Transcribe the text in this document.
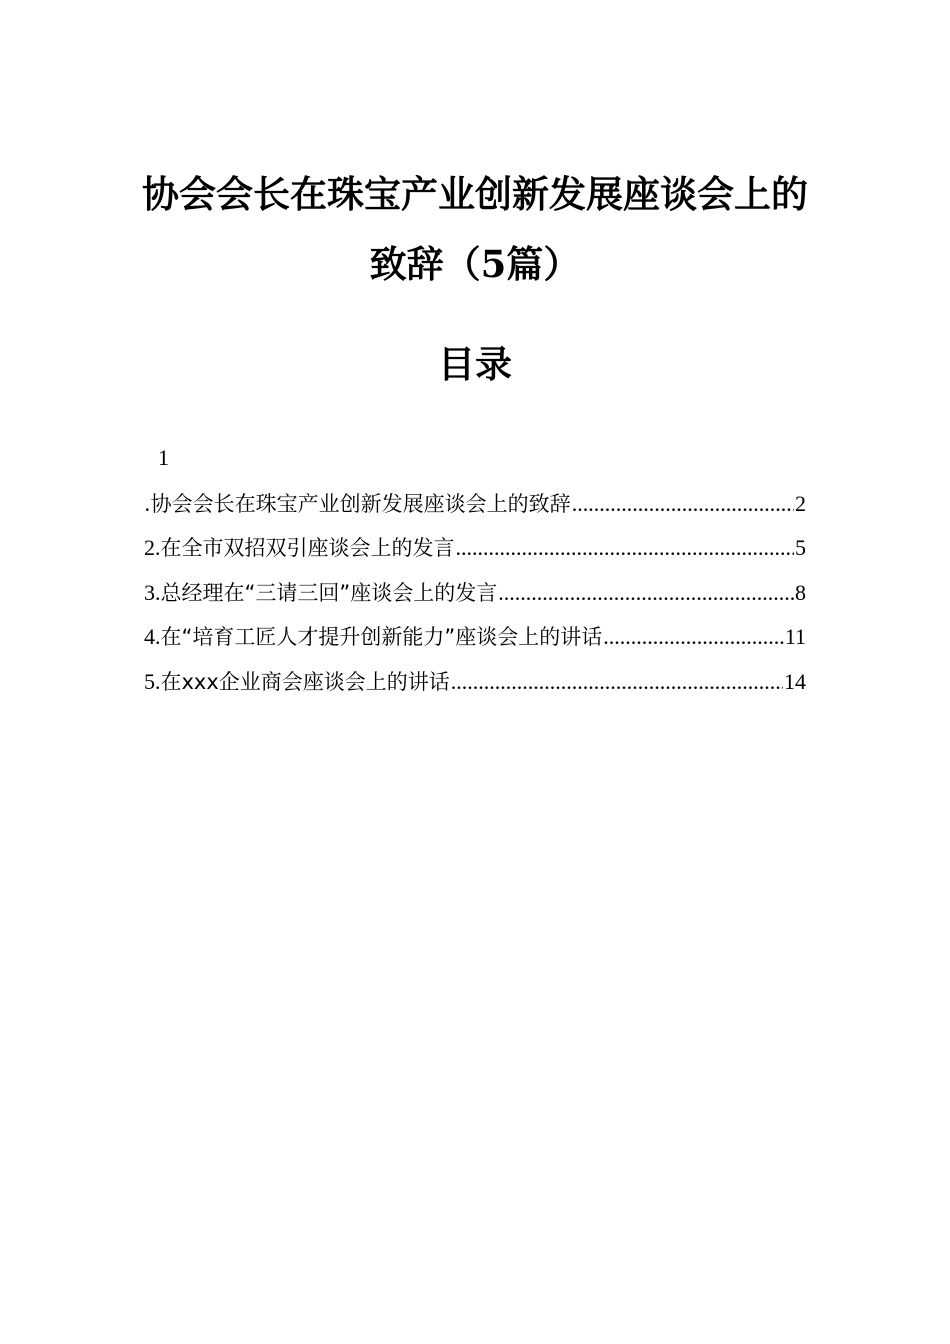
协会会长在珠宝产业创新发展座谈会上的
致辞（5篇）
目录
1
.协会会长在珠宝产业创新发展座谈会上的致辞 .....	2
2.在全市双招双引座谈会上的发言 .....	5
3.总经理在“三请三回”座谈会上的发言 .....	8
4.在“培育工匠人才提升创新能力”座谈会上的讲话 .....	11
5.在xxx企业商会座谈会上的讲话 .....	14
